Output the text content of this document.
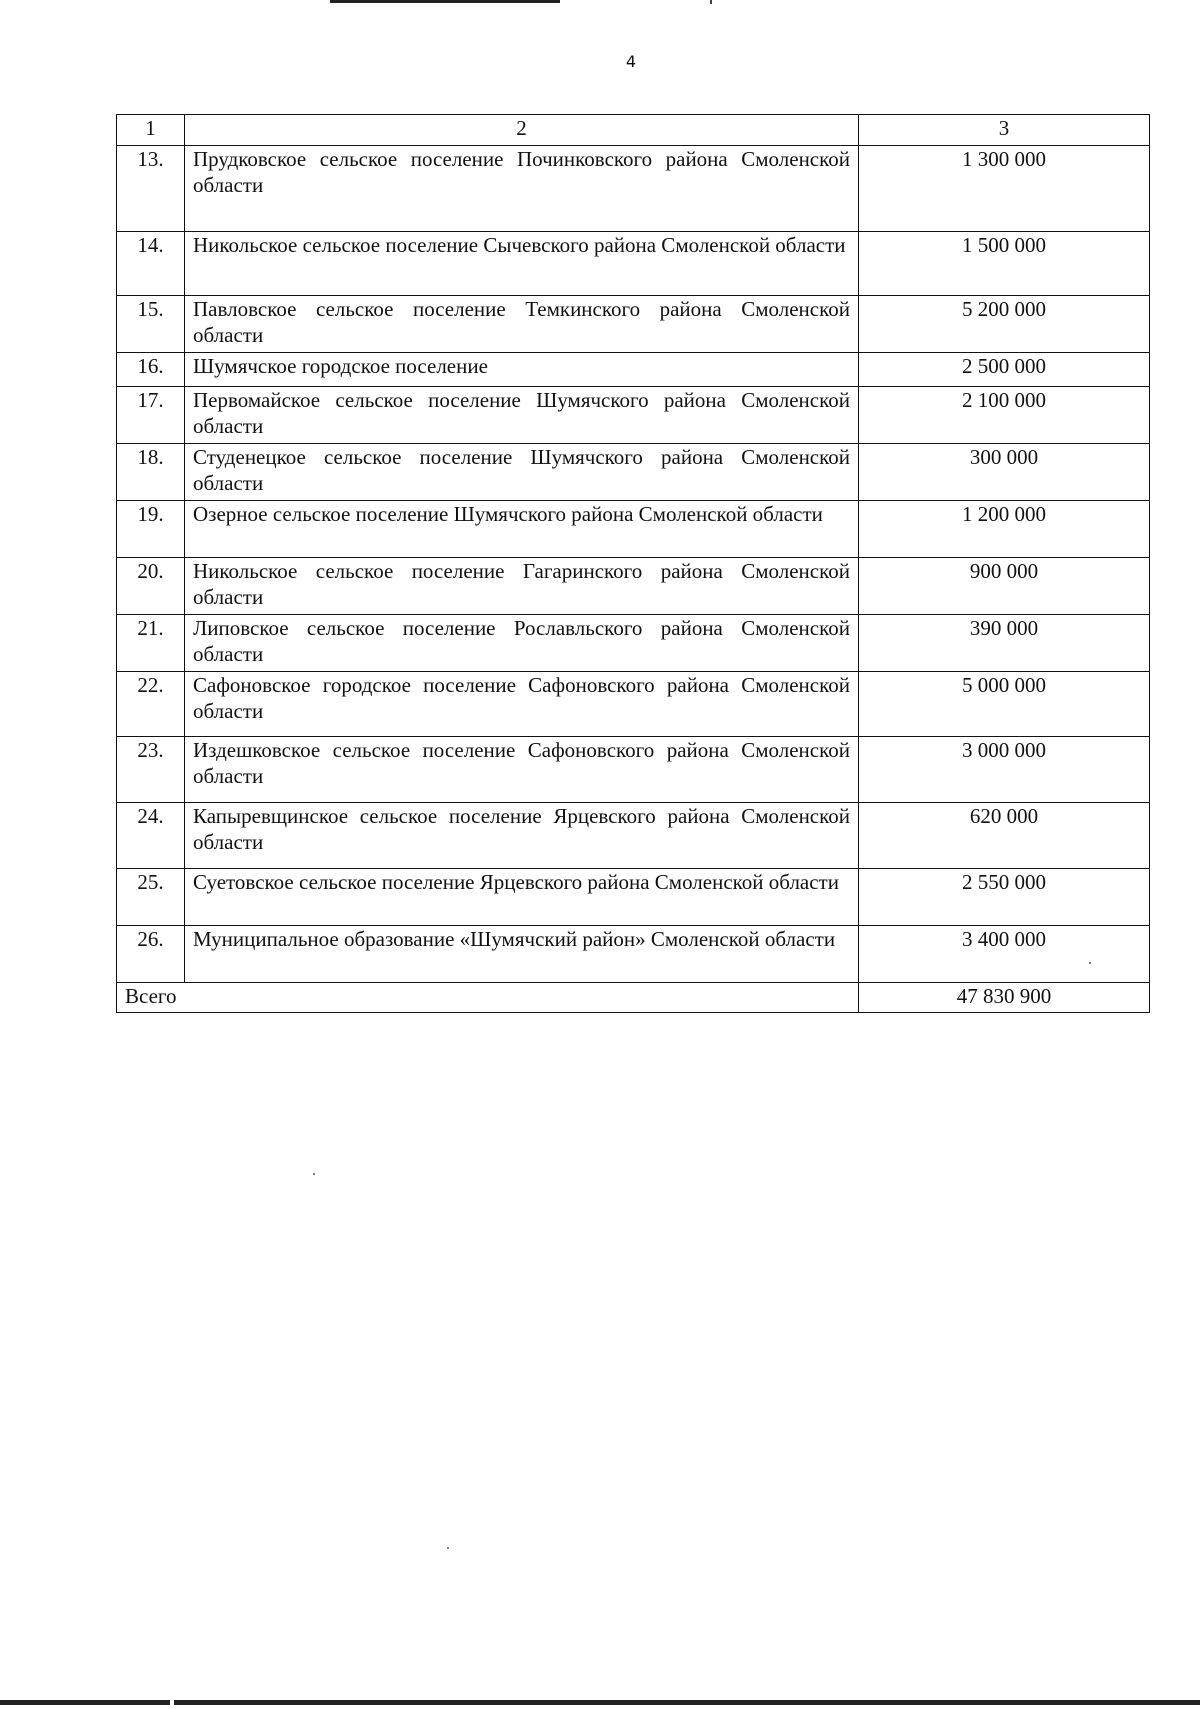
4
1	2	3
13.	Прудковское сельское поселение Починковского района Смоленской области	1 300 000
14.	Никольское сельское поселение Сычевского района Смоленской области	1 500 000
15.	Павловское сельское поселение Темкинского района Смоленской области	5 200 000
16.	Шумячское городское поселение	2 500 000
17.	Первомайское сельское поселение Шумячского района Смоленской области	2 100 000
18.	Студенецкое сельское поселение Шумячского района Смоленской области	300 000
19.	Озерное сельское поселение Шумячского района Смоленской области	1 200 000
20.	Никольское сельское поселение Гагаринского района Смоленской области	900 000
21.	Липовское сельское поселение Рославльского района Смоленской области	390 000
22.	Сафоновское городское поселение Сафоновского района Смоленской области	5 000 000
23.	Издешковское сельское поселение Сафоновского района Смоленской области	3 000 000
24.	Капыревщинское сельское поселение Ярцевского района Смоленской области	620 000
25.	Суетовское сельское поселение Ярцевского района Смоленской области	2 550 000
26.	Муниципальное образование «Шумячский район» Смоленской области	3 400 000
Всего		47 830 900
